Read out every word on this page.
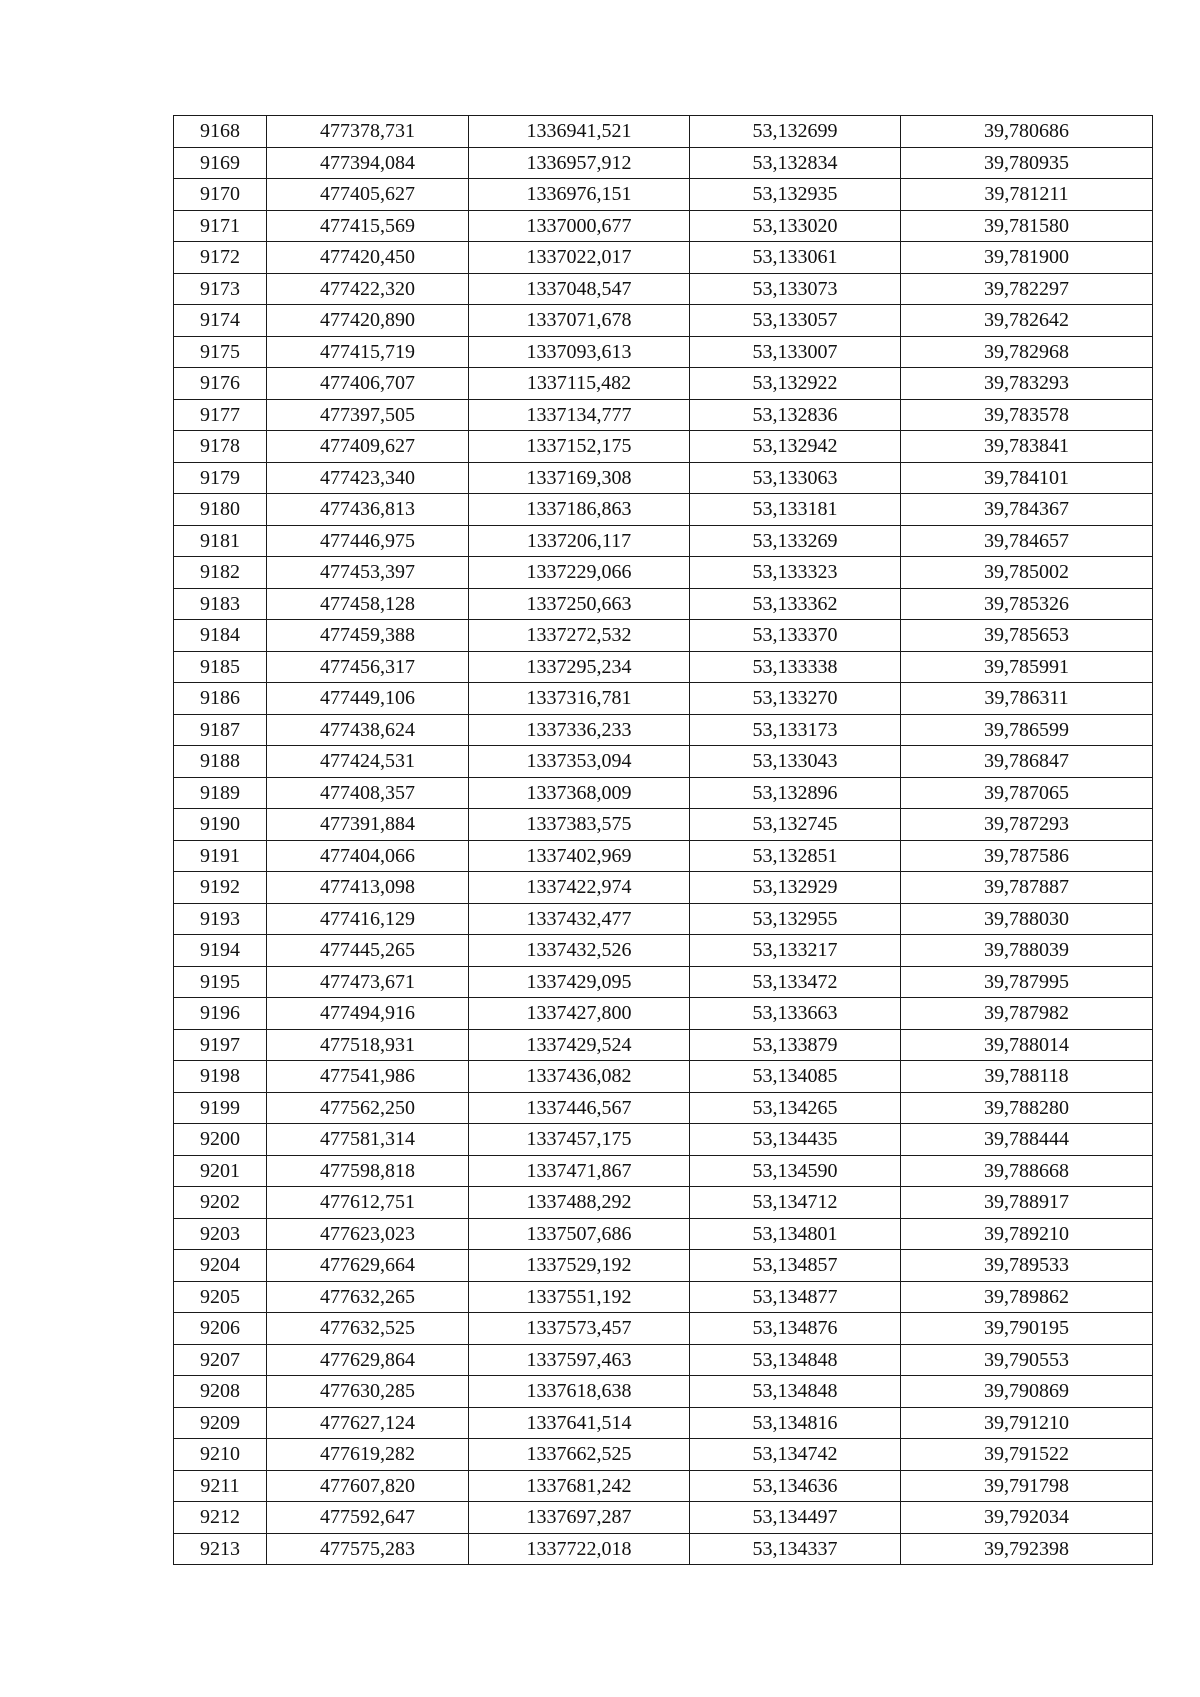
9168	477378,731	1336941,521	53,132699	39,780686
9169	477394,084	1336957,912	53,132834	39,780935
9170	477405,627	1336976,151	53,132935	39,781211
9171	477415,569	1337000,677	53,133020	39,781580
9172	477420,450	1337022,017	53,133061	39,781900
9173	477422,320	1337048,547	53,133073	39,782297
9174	477420,890	1337071,678	53,133057	39,782642
9175	477415,719	1337093,613	53,133007	39,782968
9176	477406,707	1337115,482	53,132922	39,783293
9177	477397,505	1337134,777	53,132836	39,783578
9178	477409,627	1337152,175	53,132942	39,783841
9179	477423,340	1337169,308	53,133063	39,784101
9180	477436,813	1337186,863	53,133181	39,784367
9181	477446,975	1337206,117	53,133269	39,784657
9182	477453,397	1337229,066	53,133323	39,785002
9183	477458,128	1337250,663	53,133362	39,785326
9184	477459,388	1337272,532	53,133370	39,785653
9185	477456,317	1337295,234	53,133338	39,785991
9186	477449,106	1337316,781	53,133270	39,786311
9187	477438,624	1337336,233	53,133173	39,786599
9188	477424,531	1337353,094	53,133043	39,786847
9189	477408,357	1337368,009	53,132896	39,787065
9190	477391,884	1337383,575	53,132745	39,787293
9191	477404,066	1337402,969	53,132851	39,787586
9192	477413,098	1337422,974	53,132929	39,787887
9193	477416,129	1337432,477	53,132955	39,788030
9194	477445,265	1337432,526	53,133217	39,788039
9195	477473,671	1337429,095	53,133472	39,787995
9196	477494,916	1337427,800	53,133663	39,787982
9197	477518,931	1337429,524	53,133879	39,788014
9198	477541,986	1337436,082	53,134085	39,788118
9199	477562,250	1337446,567	53,134265	39,788280
9200	477581,314	1337457,175	53,134435	39,788444
9201	477598,818	1337471,867	53,134590	39,788668
9202	477612,751	1337488,292	53,134712	39,788917
9203	477623,023	1337507,686	53,134801	39,789210
9204	477629,664	1337529,192	53,134857	39,789533
9205	477632,265	1337551,192	53,134877	39,789862
9206	477632,525	1337573,457	53,134876	39,790195
9207	477629,864	1337597,463	53,134848	39,790553
9208	477630,285	1337618,638	53,134848	39,790869
9209	477627,124	1337641,514	53,134816	39,791210
9210	477619,282	1337662,525	53,134742	39,791522
9211	477607,820	1337681,242	53,134636	39,791798
9212	477592,647	1337697,287	53,134497	39,792034
9213	477575,283	1337722,018	53,134337	39,792398
